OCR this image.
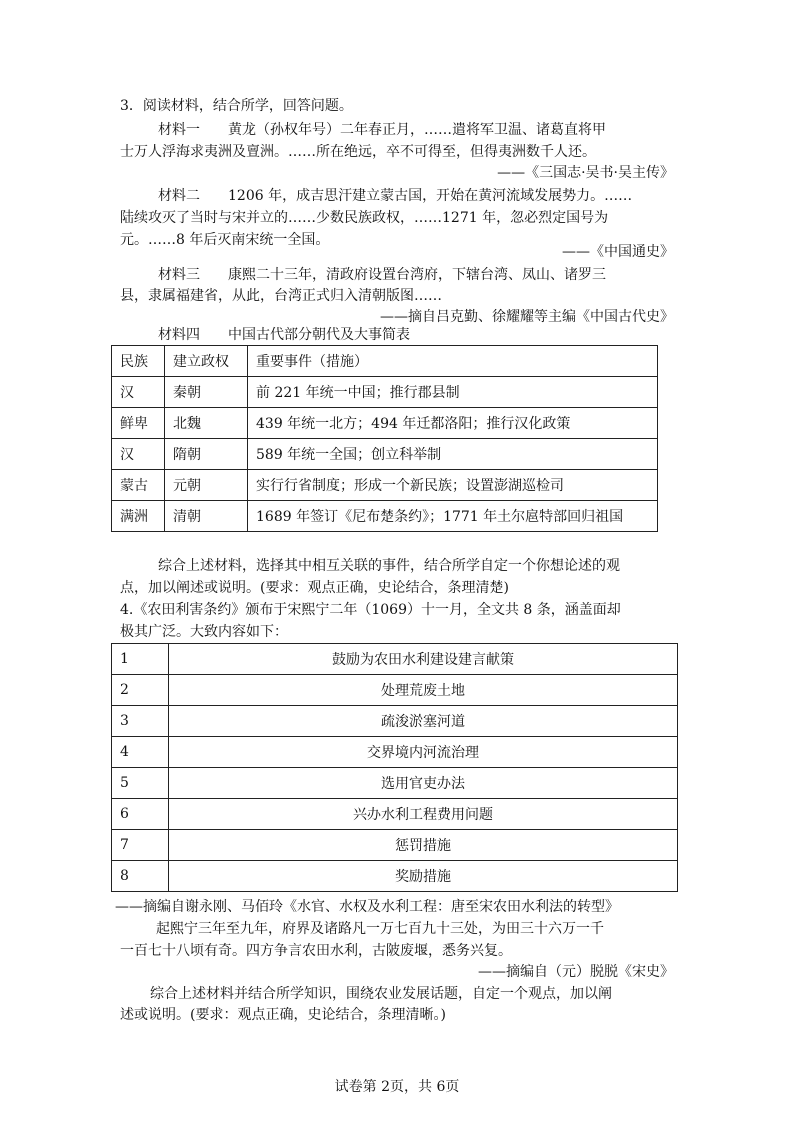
3．阅读材料，结合所学，回答问题。
材料一　　黄龙（孙权年号）二年春正月，……遣将军卫温、诸葛直将甲
士万人浮海求夷洲及亶洲。……所在绝远，卒不可得至，但得夷洲数千人还。
——《三国志·吴书·吴主传》
材料二　　1206 年，成吉思汗建立蒙古国，开始在黄河流域发展势力。……
陆续攻灭了当时与宋并立的……少数民族政权，……1271 年，忽必烈定国号为
元。……8 年后灭南宋统一全国。
——《中国通史》
材料三　　康熙二十三年，清政府设置台湾府，下辖台湾、凤山、诸罗三
县，隶属福建省，从此，台湾正式归入清朝版图……
——摘自吕克勤、徐耀耀等主编《中国古代史》
材料四　　中国古代部分朝代及大事简表
民族	建立政权	重要事件（措施）
汉	秦朝	前 221 年统一中国；推行郡县制
鲜卑	北魏	439 年统一北方；494 年迁都洛阳；推行汉化政策
汉	隋朝	589 年统一全国；创立科举制
蒙古	元朝	实行行省制度；形成一个新民族；设置澎湖巡检司
满洲	清朝	1689 年签订《尼布楚条约》；1771 年土尔扈特部回归祖国
综合上述材料，选择其中相互关联的事件，结合所学自定一个你想论述的观
点，加以阐述或说明。(要求：观点正确，史论结合，条理清楚)
4.《农田利害条约》颁布于宋熙宁二年（1069）十一月，全文共 8 条，涵盖面却
极其广泛。大致内容如下：
1	鼓励为农田水利建设建言献策
2	处理荒废土地
3	疏浚淤塞河道
4	交界境内河流治理
5	选用官吏办法
6	兴办水利工程费用问题
7	惩罚措施
8	奖励措施
——摘编自谢永刚、马佰玲《水官、水权及水利工程：唐至宋农田水利法的转型》
起熙宁三年至九年，府界及诸路凡一万七百九十三处，为田三十六万一千
一百七十八顷有奇。四方争言农田水利，古陂废堰，悉务兴复。
——摘编自（元）脱脱《宋史》
综合上述材料并结合所学知识，围绕农业发展话题，自定一个观点，加以阐
述或说明。(要求：观点正确，史论结合，条理清晰。)
试卷第 2页，共 6页
